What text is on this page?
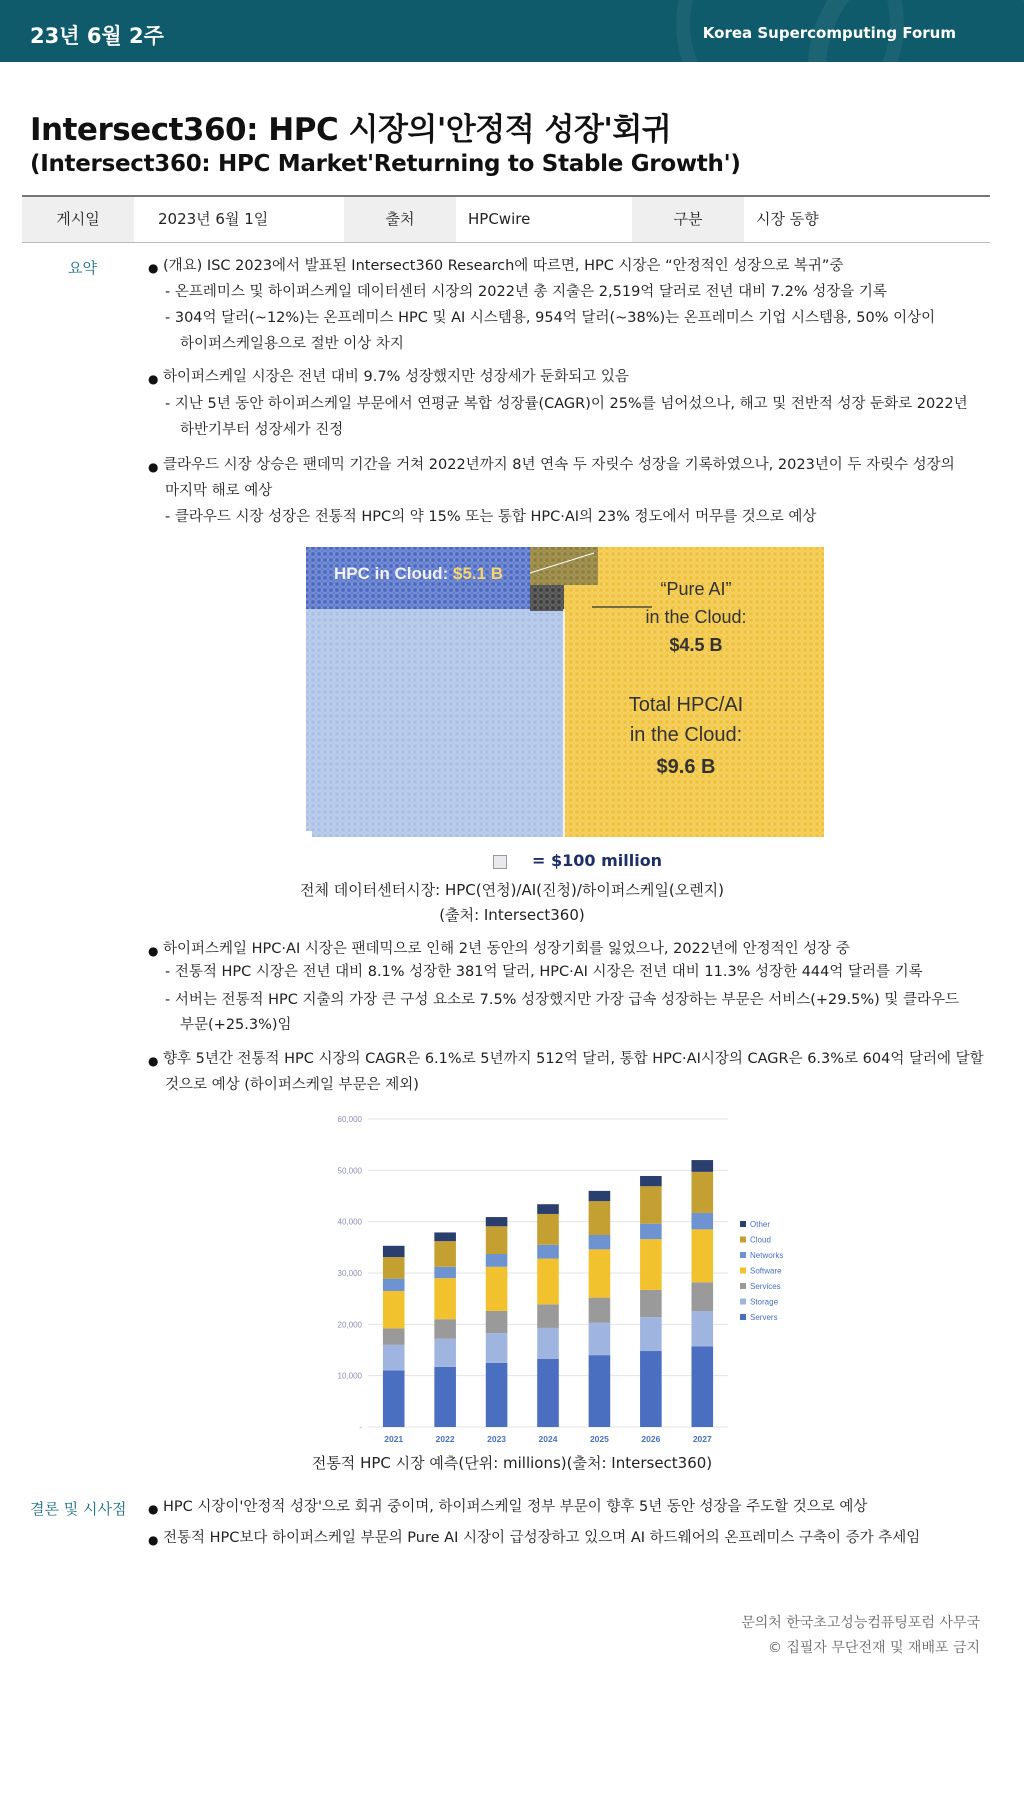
23년 6월 2주	Korea Supercomputing Forum
Intersect360: HPC 시장의'안정적 성장'회귀
(Intersect360: HPC Market'Returning to Stable Growth')
게시일	2023년 6월 1일	출처	HPCwire	구분	시장 동향
요약	● (개요) ISC 2023에서 발표된 Intersect360 Research에 따르면, HPC 시장은 “안정적인 성장으로 복귀”중
- 온프레미스 및 하이퍼스케일 데이터센터 시장의 2022년 총 지출은 2,519억 달러로 전년 대비 7.2% 성장을 기록
- 304억 달러(~12%)는 온프레미스 HPC 및 AI 시스템용, 954억 달러(~38%)는 온프레미스 기업 시스템용, 50% 이상이
하이퍼스케일용으로 절반 이상 차지
● 하이퍼스케일 시장은 전년 대비 9.7% 성장했지만 성장세가 둔화되고 있음
- 지난 5년 동안 하이퍼스케일 부문에서 연평균 복합 성장률(CAGR)이 25%를 넘어섰으나, 해고 및 전반적 성장 둔화로 2022년
하반기부터 성장세가 진정
● 클라우드 시장 상승은 팬데믹 기간을 거쳐 2022년까지 8년 연속 두 자릿수 성장을 기록하였으나, 2023년이 두 자릿수 성장의
마지막 해로 예상
- 클라우드 시장 성장은 전통적 HPC의 약 15% 또는 통합 HPC·AI의 23% 정도에서 머무를 것으로 예상
HPC in Cloud: $5.1 B
“Pure AI”
in the Cloud:
$4.5 B
Total HPC/AI
in the Cloud:
$9.6 B
= $100 million
전체 데이터센터시장: HPC(연청)/AI(진청)/하이퍼스케일(오렌지)
(출처: Intersect360)
● 하이퍼스케일 HPC·AI 시장은 팬데믹으로 인해 2년 동안의 성장기회를 잃었으나, 2022년에 안정적인 성장 중
- 전통적 HPC 시장은 전년 대비 8.1% 성장한 381억 달러, HPC·AI 시장은 전년 대비 11.3% 성장한 444억 달러를 기록
- 서버는 전통적 HPC 지출의 가장 큰 구성 요소로 7.5% 성장했지만 가장 급속 성장하는 부문은 서비스(+29.5%) 및 클라우드
부문(+25.3%)임
● 향후 5년간 전통적 HPC 시장의 CAGR은 6.1%로 5년까지 512억 달러, 통합 HPC·AI시장의 CAGR은 6.3%로 604억 달러에 달할
것으로 예상 (하이퍼스케일 부문은 제외)
60,000
50,000
40,000
30,000
20,000
10,000
-
2021	2022	2023	2024	2025	2026	2027
Other
Cloud
Networks
Software
Services
Storage
Servers
전통적 HPC 시장 예측(단위: millions)(출처: Intersect360)
결론 및 시사점 ● HPC 시장이'안정적 성장'으로 회귀 중이며, 하이퍼스케일 정부 부문이 향후 5년 동안 성장을 주도할 것으로 예상
● 전통적 HPC보다 하이퍼스케일 부문의 Pure AI 시장이 급성장하고 있으며 AI 하드웨어의 온프레미스 구축이 증가 추세임
문의처 한국초고성능컴퓨팅포럼 사무국
© 집필자 무단전재 및 재배포 금지
